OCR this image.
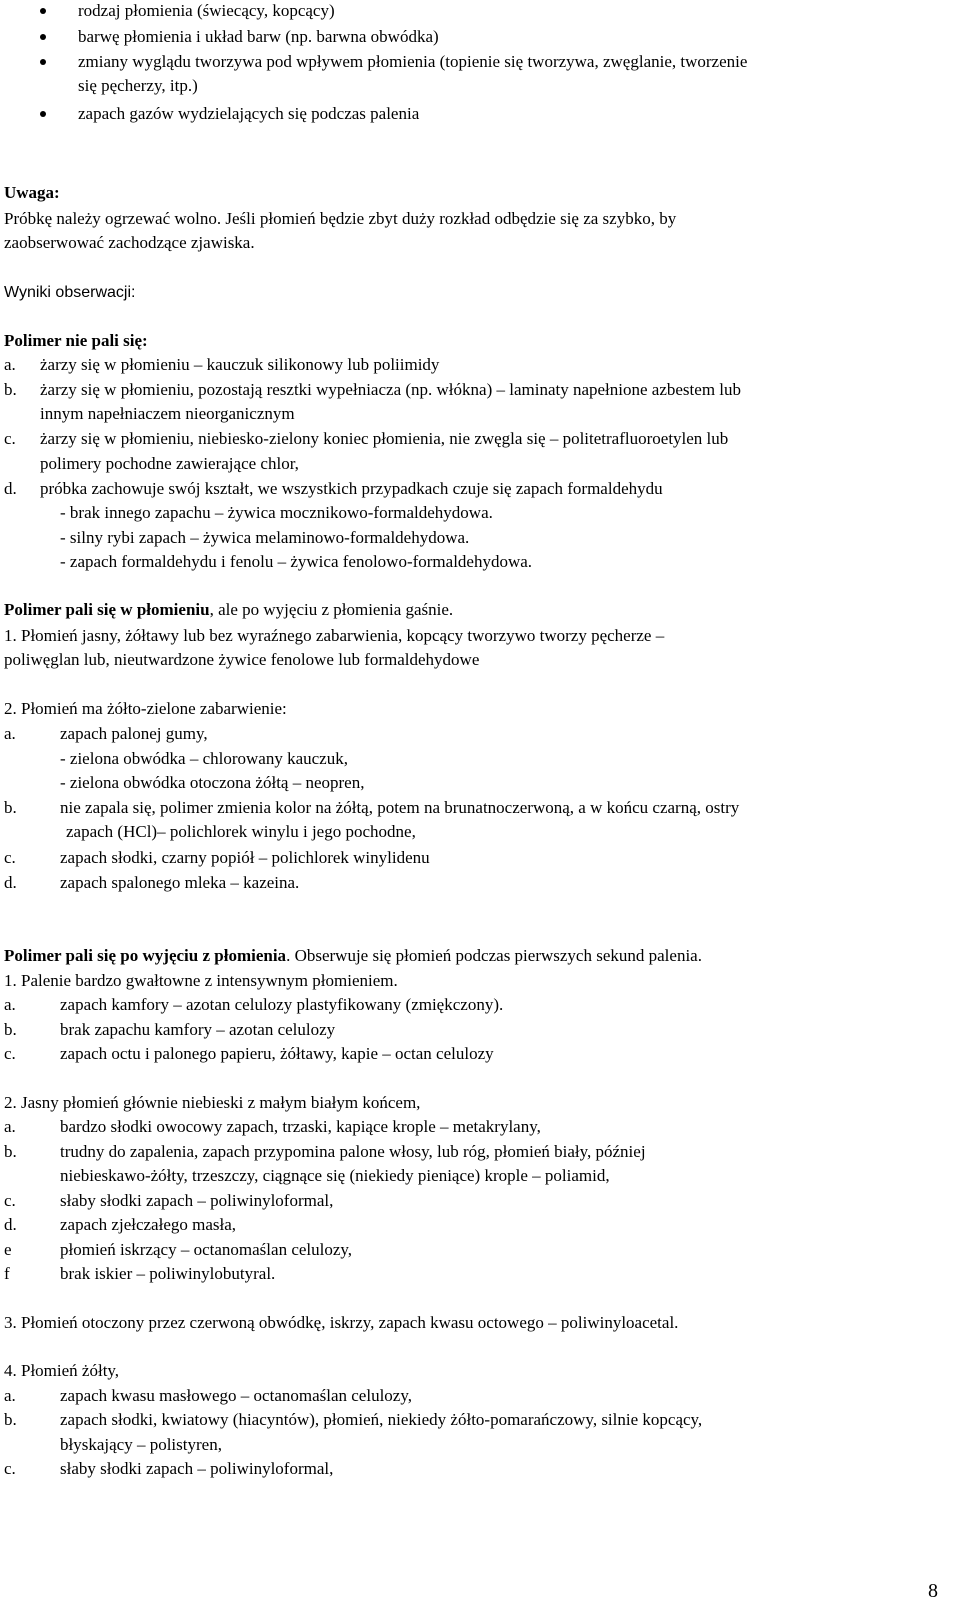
rodzaj płomienia (świecący, kopcący)
barwę płomienia i układ barw (np. barwna obwódka)
zmiany wyglądu tworzywa pod wpływem płomienia (topienie się tworzywa, zwęglanie, tworzenie
się pęcherzy, itp.)
zapach gazów wydzielających się podczas palenia
Uwaga:
Próbkę należy ogrzewać wolno. Jeśli płomień będzie zbyt duży rozkład odbędzie się za szybko, by
zaobserwować zachodzące zjawiska.
Wyniki obserwacji:
Polimer nie pali się:
a. żarzy się w płomieniu – kauczuk silikonowy lub poliimidy
b. żarzy się w płomieniu, pozostają resztki wypełniacza (np. włókna) – laminaty napełnione azbestem lub
innym napełniaczem nieorganicznym
c. żarzy się w płomieniu, niebiesko-zielony koniec płomienia, nie zwęgla się – politetrafluoroetylen lub
polimery pochodne zawierające chlor,
d. próbka zachowuje swój kształt, we wszystkich przypadkach czuje się zapach formaldehydu
- brak innego zapachu – żywica mocznikowo-formaldehydowa.
- silny rybi zapach – żywica melaminowo-formaldehydowa.
- zapach formaldehydu i fenolu – żywica fenolowo-formaldehydowa.
Polimer pali się w płomieniu, ale po wyjęciu z płomienia gaśnie.
1. Płomień jasny, żółtawy lub bez wyraźnego zabarwienia, kopcący tworzywo tworzy pęcherze –
poliwęglan lub, nieutwardzone żywice fenolowe lub formaldehydowe
2. Płomień ma żółto-zielone zabarwienie:
a.	zapach palonej gumy,
- zielona obwódka – chlorowany kauczuk,
- zielona obwódka otoczona żółtą – neopren,
b.	nie zapala się, polimer zmienia kolor na żółtą, potem na brunatnoczerwoną, a w końcu czarną, ostry
zapach (HCl)– polichlorek winylu i jego pochodne,
c.	zapach słodki, czarny popiół – polichlorek winylidenu
d.	zapach spalonego mleka – kazeina.
Polimer pali się po wyjęciu z płomienia. Obserwuje się płomień podczas pierwszych sekund palenia.
1. Palenie bardzo gwałtowne z intensywnym płomieniem.
a.	zapach kamfory – azotan celulozy plastyfikowany (zmiękczony).
b.	brak zapachu kamfory – azotan celulozy
c.	zapach octu i palonego papieru, żółtawy, kapie – octan celulozy
2. Jasny płomień głównie niebieski z małym białym końcem,
a.	bardzo słodki owocowy zapach, trzaski, kapiące krople – metakrylany,
b.	trudny do zapalenia, zapach przypomina palone włosy, lub róg, płomień biały, później
niebieskawo-żółty, trzeszczy, ciągnące się (niekiedy pieniące) krople – poliamid,
c.	słaby słodki zapach – poliwinyloformal,
d.	zapach zjełczałego masła,
e	płomień iskrzący – octanomaślan celulozy,
f	brak iskier – poliwinylobutyral.
3. Płomień otoczony przez czerwoną obwódkę, iskrzy, zapach kwasu octowego – poliwinyloacetal.
4. Płomień żółty,
a.	zapach kwasu masłowego – octanomaślan celulozy,
b.	zapach słodki, kwiatowy (hiacyntów), płomień, niekiedy żółto-pomarańczowy, silnie kopcący,
błyskający – polistyren,
c.	słaby słodki zapach – poliwinyloformal,
8
